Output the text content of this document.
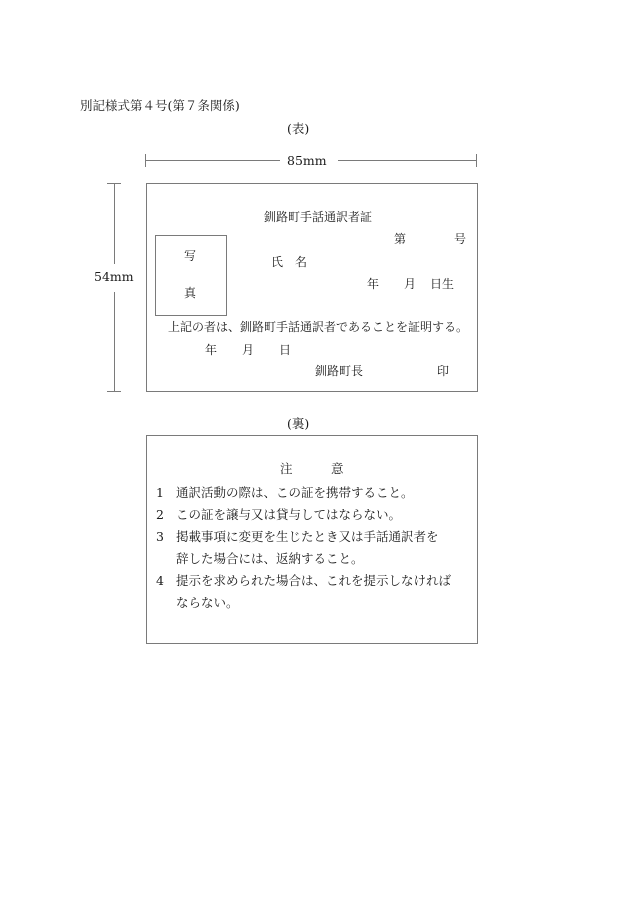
別記様式第４号(第７条関係)
(表)
85mm
54mm
釧路町手話通訳者証
第	号
写
真
氏　名
年 月 日生
上記の者は、釧路町手話通訳者であることを証明する。
年 月 日
釧路町長	印
(裏)
注	意
1 通訳活動の際は、この証を携帯すること。
2 この証を譲与又は貸与してはならない。
3 掲載事項に変更を生じたとき又は手話通訳者を
辞した場合には、返納すること。
4 提示を求められた場合は、これを提示しなければ
ならない。
